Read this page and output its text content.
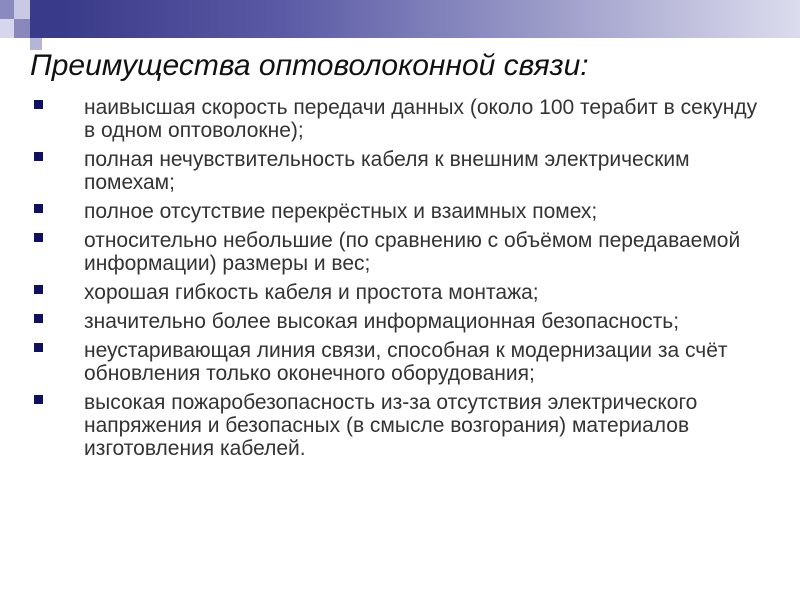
Преимущества оптоволоконной связи:
наивысшая скорость передачи данных (около 100 терабит в секунду в одном оптоволокне);
полная нечувствительность кабеля к внешним электрическим помехам;
полное отсутствие перекрёстных и взаимных помех;
относительно небольшие (по сравнению с объёмом передаваемой информации) размеры и вес;
хорошая гибкость кабеля и простота монтажа;
значительно более высокая информационная безопасность;
неустаривающая линия связи, способная к модернизации за счёт обновления только оконечного оборудования;
высокая пожаробезопасность из-за отсутствия электрического напряжения и безопасных (в смысле возгорания) материалов изготовления кабелей.
